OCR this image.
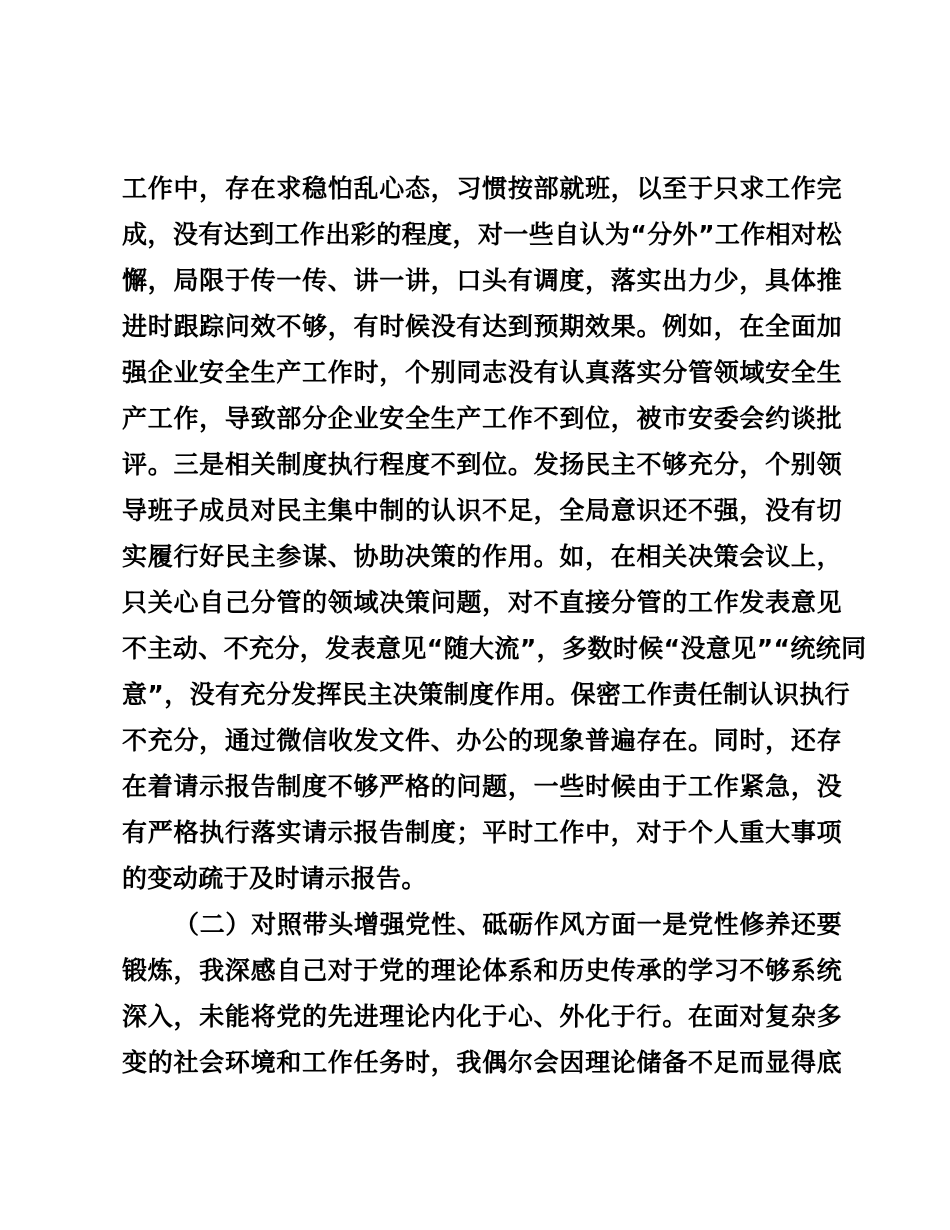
工作中，存在求稳怕乱心态，习惯按部就班，以至于只求工作完
成，没有达到工作出彩的程度，对一些自认为“分外”工作相对松
懈，局限于传一传、讲一讲，口头有调度，落实出力少，具体推
进时跟踪问效不够，有时候没有达到预期效果。例如，在全面加
强企业安全生产工作时，个别同志没有认真落实分管领域安全生
产工作，导致部分企业安全生产工作不到位，被市安委会约谈批
评。三是相关制度执行程度不到位。发扬民主不够充分，个别领
导班子成员对民主集中制的认识不足，全局意识还不强，没有切
实履行好民主参谋、协助决策的作用。如，在相关决策会议上，
只关心自己分管的领域决策问题，对不直接分管的工作发表意见
不主动、不充分，发表意见“随大流”，多数时候“没意见”“统统同
意”，没有充分发挥民主决策制度作用。保密工作责任制认识执行
不充分，通过微信收发文件、办公的现象普遍存在。同时，还存
在着请示报告制度不够严格的问题，一些时候由于工作紧急，没
有严格执行落实请示报告制度；平时工作中，对于个人重大事项
的变动疏于及时请示报告。
（二）对照带头增强党性、砥砺作风方面一是党性修养还要
锻炼，我深感自己对于党的理论体系和历史传承的学习不够系统
深入，未能将党的先进理论内化于心、外化于行。在面对复杂多
变的社会环境和工作任务时，我偶尔会因理论储备不足而显得底
